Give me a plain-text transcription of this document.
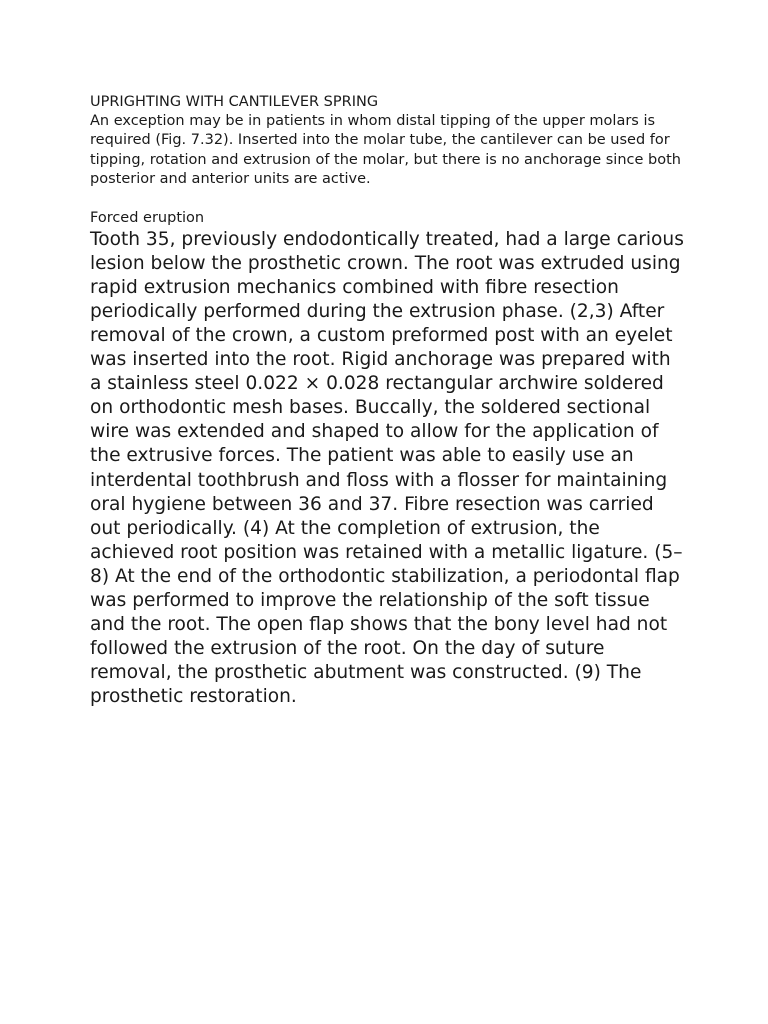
UPRIGHTING WITH CANTILEVER SPRING

An exception may be in patients in whom distal tipping of the upper molars is required (Fig. 7.32). Inserted into the molar tube, the cantilever can be used for tipping, rotation and extrusion of the molar, but there is no anchorage since both posterior and anterior units are active.

Forced eruption

Tooth 35, previously endodontically treated, had a large carious lesion below the prosthetic crown. The root was extruded using rapid extrusion mechanics combined with fibre resection periodically performed during the extrusion phase. (2,3) After removal of the crown, a custom preformed post with an eyelet was inserted into the root. Rigid anchorage was prepared with a stainless steel 0.022 × 0.028 rectangular archwire soldered on orthodontic mesh bases. Buccally, the soldered sectional wire was extended and shaped to allow for the application of the extrusive forces. The patient was able to easily use an interdental toothbrush and floss with a flosser for maintaining oral hygiene between 36 and 37. Fibre resection was carried out periodically. (4) At the completion of extrusion, the achieved root position was retained with a metallic ligature. (5–8) At the end of the orthodontic stabilization, a periodontal flap was performed to improve the relationship of the soft tissue and the root. The open flap shows that the bony level had not followed the extrusion of the root. On the day of suture removal, the prosthetic abutment was constructed. (9) The prosthetic restoration.
